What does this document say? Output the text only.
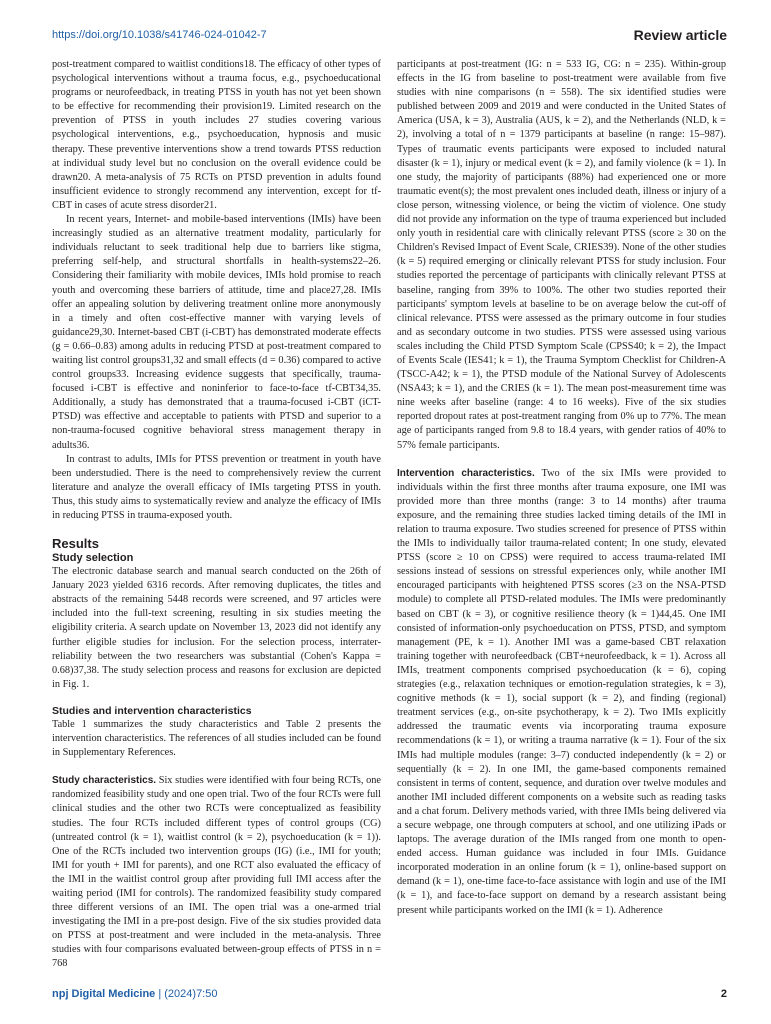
https://doi.org/10.1038/s41746-024-01042-7	Review article

post-treatment compared to waitlist conditions18. The efficacy of other types of psychological interventions without a trauma focus, e.g., psychoeducational programs or neurofeedback, in treating PTSS in youth has not yet been shown to be effective for recommending their provision19. Limited research on the prevention of PTSS in youth includes 27 studies covering various psychological interventions, e.g., psychoeducation, hypnosis and music therapy. These preventive interventions show a trend towards PTSS reduction at individual study level but no conclusion on the overall evidence could be drawn20. A meta-analysis of 75 RCTs on PTSD prevention in adults found insufficient evidence to strongly recommend any intervention, except for tf-CBT in cases of acute stress disorder21.

In recent years, Internet- and mobile-based interventions (IMIs) have been increasingly studied as an alternative treatment modality, particularly for individuals reluctant to seek traditional help due to barriers like stigma, preferring self-help, and structural shortfalls in health-systems22–26. Considering their familiarity with mobile devices, IMIs hold promise to reach youth and overcoming these barriers of attitude, time and place27,28. IMIs offer an appealing solution by delivering treatment online more anonymously in a timely and often cost-effective manner with varying levels of guidance29,30. Internet-based CBT (i-CBT) has demonstrated moderate effects (g = 0.66–0.83) among adults in reducing PTSD at post-treatment compared to waiting list control groups31,32 and small effects (d = 0.36) compared to active control groups33. Increasing evidence suggests that specifically, trauma-focused i-CBT is effective and noninferior to face-to-face tf-CBT34,35. Additionally, a study has demonstrated that a trauma-focused i-CBT (iCT-PTSD) was effective and acceptable to patients with PTSD and superior to a non-trauma-focused cognitive behavioral stress management therapy in adults36.

In contrast to adults, IMIs for PTSS prevention or treatment in youth have been understudied. There is the need to comprehensively review the current literature and analyze the overall efficacy of IMIs targeting PTSS in youth. Thus, this study aims to systematically review and analyze the efficacy of IMIs in reducing PTSS in trauma-exposed youth.

Results
Study selection

The electronic database search and manual search conducted on the 26th of January 2023 yielded 6316 records. After removing duplicates, the titles and abstracts of the remaining 5448 records were screened, and 97 articles were included into the full-text screening, resulting in six studies meeting the eligibility criteria. A search update on November 13, 2023 did not identify any further eligible studies for inclusion. For the selection process, interrater-reliability between the two researchers was substantial (Cohen's Kappa = 0.68)37,38. The study selection process and reasons for exclusion are depicted in Fig. 1.

Studies and intervention characteristics

Table 1 summarizes the study characteristics and Table 2 presents the intervention characteristics. The references of all studies included can be found in Supplementary References.

Study characteristics. Six studies were identified with four being RCTs, one randomized feasibility study and one open trial. Two of the four RCTs were full clinical studies and the other two RCTs were conceptualized as feasibility studies. The four RCTs included different types of control groups (CG) (untreated control (k = 1), waitlist control (k = 2), psychoeducation (k = 1)). One of the RCTs included two intervention groups (IG) (i.e., IMI for youth; IMI for youth + IMI for parents), and one RCT also evaluated the efficacy of the IMI in the waitlist control group after providing full IMI access after the waiting period (IMI for controls). The randomized feasibility study compared three different versions of an IMI. The open trial was a one-armed trial investigating the IMI in a pre-post design. Five of the six studies provided data on PTSS at post-treatment and were included in the meta-analysis. Three studies with four comparisons evaluated between-group effects of PTSS in n = 768

participants at post-treatment (IG: n = 533 IG, CG: n = 235). Within-group effects in the IG from baseline to post-treatment were available from five studies with nine comparisons (n = 558). The six identified studies were published between 2009 and 2019 and were conducted in the United States of America (USA, k = 3), Australia (AUS, k = 2), and the Netherlands (NLD, k = 2), involving a total of n = 1379 participants at baseline (n range: 15–987). Types of traumatic events participants were exposed to included natural disaster (k = 1), injury or medical event (k = 2), and family violence (k = 1). In one study, the majority of participants (88%) had experienced one or more traumatic event(s); the most prevalent ones included death, illness or injury of a close person, witnessing violence, or being the victim of violence. One study did not provide any information on the type of trauma experienced but included only youth in residential care with clinically relevant PTSS (score ≥ 30 on the Children's Revised Impact of Event Scale, CRIES39). None of the other studies (k = 5) required emerging or clinically relevant PTSS for study inclusion. Four studies reported the percentage of participants with clinically relevant PTSS at baseline, ranging from 39% to 100%. The other two studies reported their participants' symptom levels at baseline to be on average below the cut-off of clinical relevance. PTSS were assessed as the primary outcome in four studies and as secondary outcome in two studies. PTSS were assessed using various scales including the Child PTSD Symptom Scale (CPSS40; k = 2), the Impact of Events Scale (IES41; k = 1), the Trauma Symptom Checklist for Children-A (TSCC-A42; k = 1), the PTSD module of the National Survey of Adolescents (NSA43; k = 1), and the CRIES (k = 1). The mean post-measurement time was nine weeks after baseline (range: 4 to 16 weeks). Five of the six studies reported dropout rates at post-treatment ranging from 0% up to 77%. The mean age of participants ranged from 9.8 to 18.4 years, with gender ratios of 40% to 57% female participants.

Intervention characteristics. Two of the six IMIs were provided to individuals within the first three months after trauma exposure, one IMI was provided more than three months (range: 3 to 14 months) after trauma exposure, and the remaining three studies lacked timing details of the IMI in relation to trauma exposure. Two studies screened for presence of PTSS within the IMIs to individually tailor trauma-related content; In one study, elevated PTSS (score ≥ 10 on CPSS) were required to access trauma-related IMI sessions instead of sessions on stressful experiences only, while another IMI encouraged participants with heightened PTSS scores (≥3 on the NSA-PTSD module) to complete all PTSD-related modules. The IMIs were predominantly based on CBT (k = 3), or cognitive resilience theory (k = 1)44,45. One IMI consisted of information-only psychoeducation on PTSS, PTSD, and symptom management (PE, k = 1). Another IMI was a game-based CBT relaxation training together with neurofeedback (CBT+neurofeedback, k = 1). Across all IMIs, treatment components comprised psychoeducation (k = 6), coping strategies (e.g., relaxation techniques or emotion-regulation strategies, k = 3), cognitive methods (k = 1), social support (k = 2), and finding (regional) treatment services (e.g., on-site psychotherapy, k = 2). Two IMIs explicitly addressed the traumatic events via incorporating trauma exposure recommendations (k = 1), or writing a trauma narrative (k = 1). Four of the six IMIs had multiple modules (range: 3–7) conducted independently (k = 2) or sequentially (k = 2). In one IMI, the game-based components remained consistent in terms of content, sequence, and duration over twelve modules and another IMI included different components on a website such as reading tasks and a chat forum. Delivery methods varied, with three IMIs being delivered via a secure webpage, one through computers at school, and one utilizing iPads or laptops. The average duration of the IMIs ranged from one month to open-ended access. Human guidance was included in four IMIs. Guidance incorporated moderation in an online forum (k = 1), online-based support on demand (k = 1), one-time face-to-face assistance with login and use of the IMI (k = 1), and face-to-face support on demand by a research assistant being present while participants worked on the IMI (k = 1). Adherence

npj Digital Medicine | (2024)7:50	2
